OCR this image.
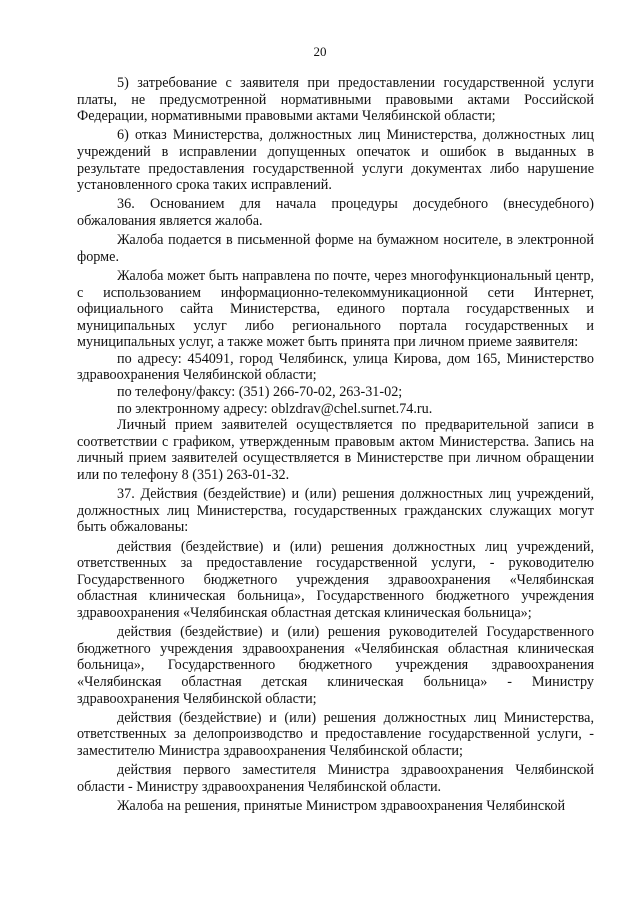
20

5) затребование с заявителя при предоставлении государственной услуги платы, не предусмотренной нормативными правовыми актами Российской Федерации, нормативными правовыми актами Челябинской области;

6) отказ Министерства, должностных лиц Министерства, должностных лиц учреждений в исправлении допущенных опечаток и ошибок в выданных в результате предоставления государственной услуги документах либо нарушение установленного срока таких исправлений.

36. Основанием для начала процедуры досудебного (внесудебного) обжалования является жалоба.

Жалоба подается в письменной форме на бумажном носителе, в электронной форме.

Жалоба может быть направлена по почте, через многофункциональный центр, с использованием информационно-телекоммуникационной сети Интернет, официального сайта Министерства, единого портала государственных и муниципальных услуг либо регионального портала государственных и муниципальных услуг, а также может быть принята при личном приеме заявителя:

по адресу: 454091, город Челябинск, улица Кирова, дом 165, Министерство здравоохранения Челябинской области;

по телефону/факсу: (351) 266-70-02, 263-31-02;

по электронному адресу: oblzdrav@chel.surnet.74.ru.

Личный прием заявителей осуществляется по предварительной записи в соответствии с графиком, утвержденным правовым актом Министерства. Запись на личный прием заявителей осуществляется в Министерстве при личном обращении или по телефону 8 (351) 263-01-32.

37. Действия (бездействие) и (или) решения должностных лиц учреждений, должностных лиц Министерства, государственных гражданских служащих могут быть обжалованы:

действия (бездействие) и (или) решения должностных лиц учреждений, ответственных за предоставление государственной услуги, - руководителю Государственного бюджетного учреждения здравоохранения «Челябинская областная клиническая больница», Государственного бюджетного учреждения здравоохранения «Челябинская областная детская клиническая больница»;

действия (бездействие) и (или) решения руководителей Государственного бюджетного учреждения здравоохранения «Челябинская областная клиническая больница», Государственного бюджетного учреждения здравоохранения «Челябинская областная детская клиническая больница» - Министру здравоохранения Челябинской области;

действия (бездействие) и (или) решения должностных лиц Министерства, ответственных за делопроизводство и предоставление государственной услуги, - заместителю Министра здравоохранения Челябинской области;

действия первого заместителя Министра здравоохранения Челябинской области - Министру здравоохранения Челябинской области.

Жалоба на решения, принятые Министром здравоохранения Челябинской
